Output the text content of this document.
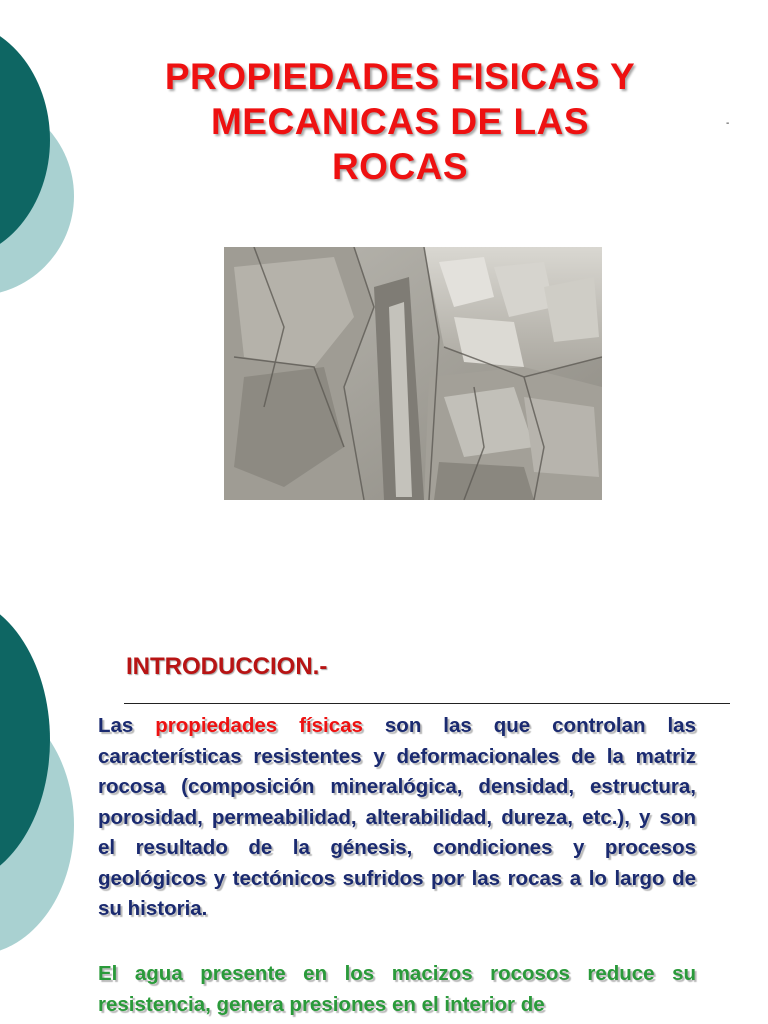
PROPIEDADES FISICAS Y
MECANICAS DE LAS
ROCAS
-
INTRODUCCION.-

Las propiedades físicas son las que controlan las características resistentes y deformacionales de la matriz rocosa (composición mineralógica, densidad, estructura, porosidad, permeabilidad, alterabilidad, dureza, etc.), y son el resultado de la génesis, condiciones y procesos geológicos y tectónicos sufridos por las rocas a lo largo de su historia.

El agua presente en los macizos rocosos reduce su resistencia, genera presiones en el interior de
